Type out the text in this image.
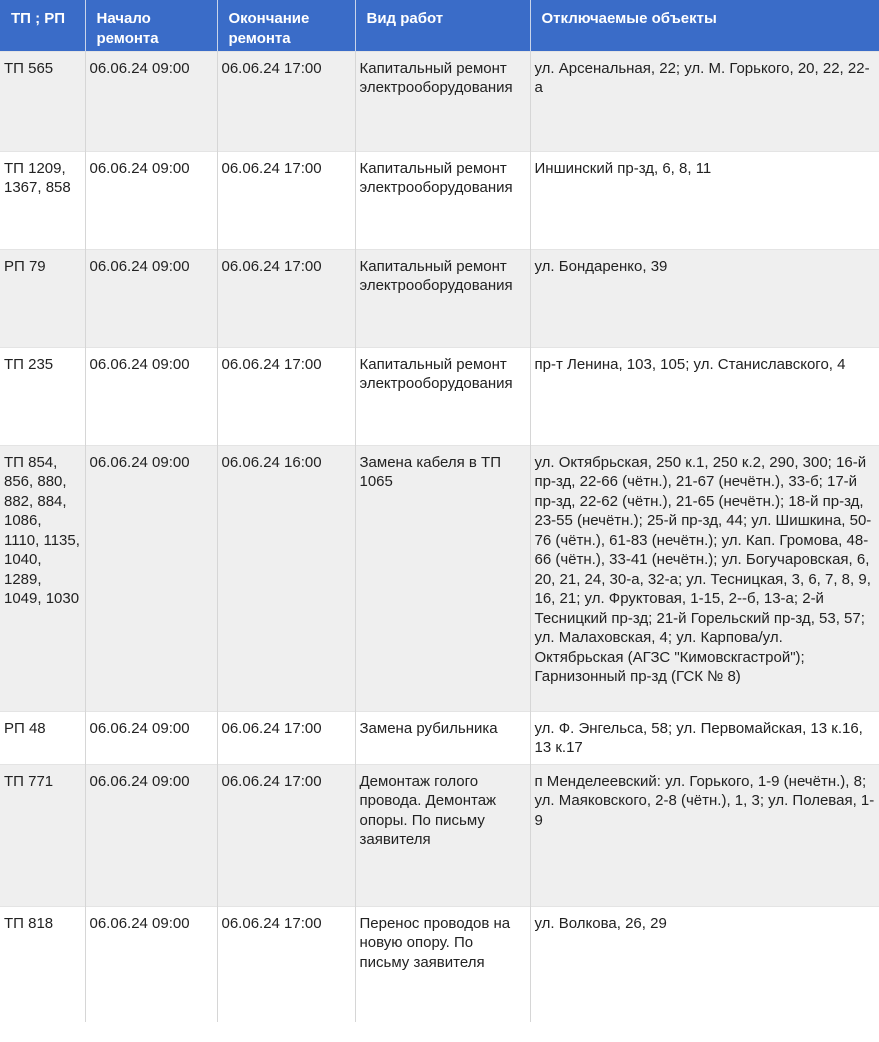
ТП ; РП	Начало ремонта	Окончание ремонта	Вид работ	Отключаемые объекты
ТП 565	06.06.24 09:00	06.06.24 17:00	Капитальный ремонт электрооборудования	ул. Арсенальная, 22; ул. М. Горького, 20, 22, 22-а
ТП 1209, 1367, 858	06.06.24 09:00	06.06.24 17:00	Капитальный ремонт электрооборудования	Иншинский пр-зд, 6, 8, 11
РП 79	06.06.24 09:00	06.06.24 17:00	Капитальный ремонт электрооборудования	ул. Бондаренко, 39
ТП 235	06.06.24 09:00	06.06.24 17:00	Капитальный ремонт электрооборудования	пр-т Ленина, 103, 105; ул. Станиславского, 4
ТП 854, 856, 880, 882, 884, 1086, 1110, 1135, 1040, 1289, 1049, 1030	06.06.24 09:00	06.06.24 16:00	Замена кабеля в ТП 1065	ул. Октябрьская, 250 к.1, 250 к.2, 290, 300; 16-й пр-зд, 22-66 (чётн.), 21-67 (нечётн.), 33-б; 17-й пр-зд, 22-62 (чётн.), 21-65 (нечётн.); 18-й пр-зд, 23-55 (нечётн.); 25-й пр-зд, 44; ул. Шишкина, 50-76 (чётн.), 61-83 (нечётн.); ул. Кап. Громова, 48-66 (чётн.), 33-41 (нечётн.); ул. Богучаровская, 6, 20, 21, 24, 30-а, 32-а; ул. Тесницкая, 3, 6, 7, 8, 9, 16, 21; ул. Фруктовая, 1-15, 2--б, 13-а; 2-й Тесницкий пр-зд; 21-й Горельский пр-зд, 53, 57; ул. Малаховская, 4; ул. Карпова/ул. Октябрьская (АГЗС "Кимовскгастрой"); Гарнизонный пр-зд (ГСК № 8)
РП 48	06.06.24 09:00	06.06.24 17:00	Замена рубильника	ул. Ф. Энгельса, 58; ул. Первомайская, 13 к.16, 13 к.17
ТП 771	06.06.24 09:00	06.06.24 17:00	Демонтаж голого провода. Демонтаж опоры. По письму заявителя	п Менделеевский: ул. Горького, 1-9 (нечётн.), 8; ул. Маяковского, 2-8 (чётн.), 1, 3; ул. Полевая, 1-9
ТП 818	06.06.24 09:00	06.06.24 17:00	Перенос проводов на новую опору. По письму заявителя	ул. Волкова, 26, 29
